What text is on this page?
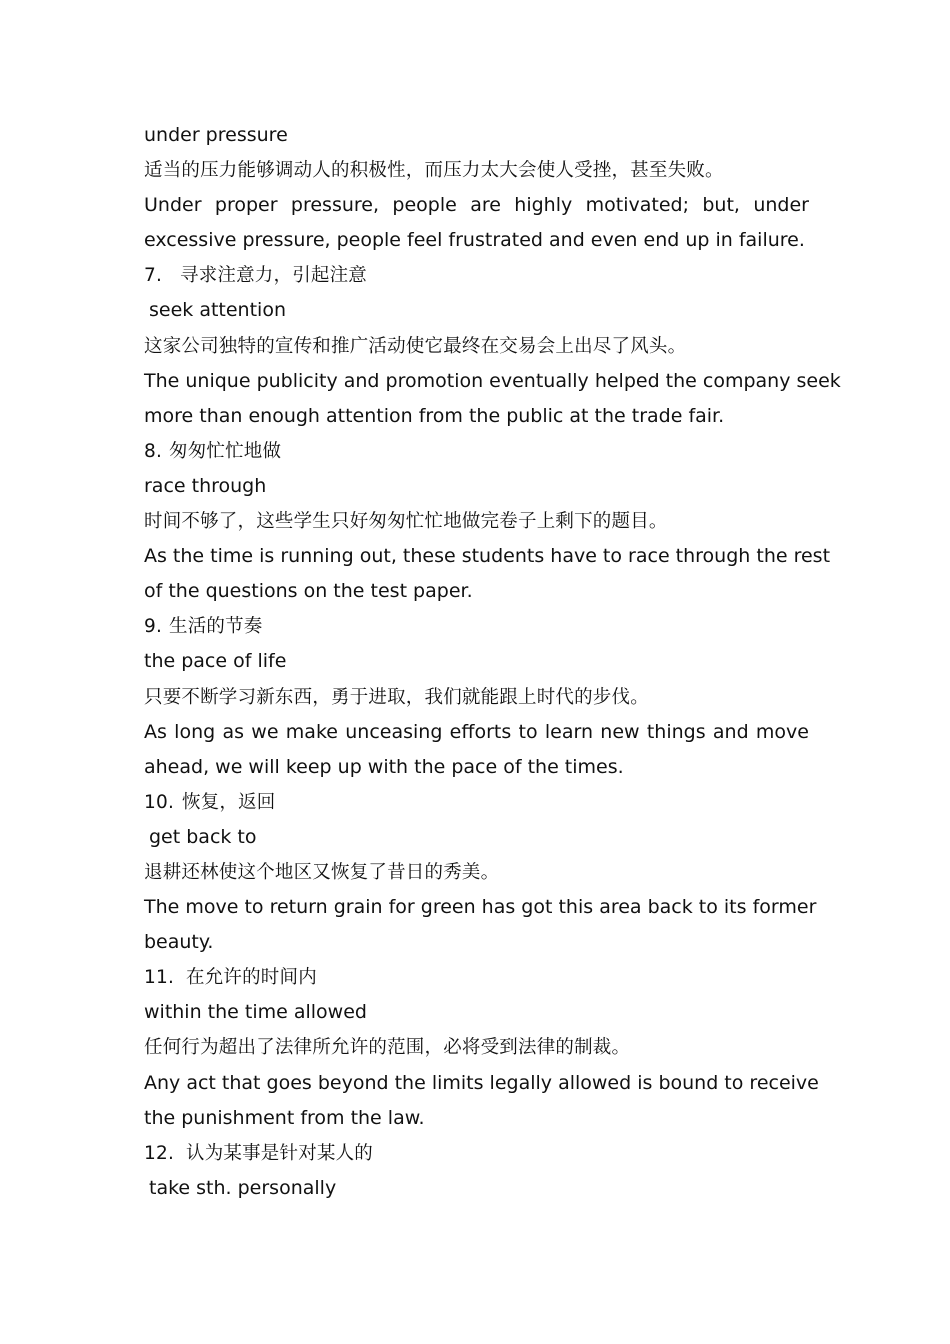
under pressure
适当的压力能够调动人的积极性，而压力太大会使人受挫，甚至失败。
Under proper pressure, people are highly motivated; but, under
excessive pressure, people feel frustrated and even end up in failure.
7. 寻求注意力，引起注意
seek attention
这家公司独特的宣传和推广活动使它最终在交易会上出尽了风头。
The unique publicity and promotion eventually helped the company seek
more than enough attention from the public at the trade fair.
8. 匆匆忙忙地做
race through
时间不够了，这些学生只好匆匆忙忙地做完卷子上剩下的题目。
As the time is running out, these students have to race through the rest
of the questions on the test paper.
9. 生活的节奏
the pace of life
只要不断学习新东西，勇于进取，我们就能跟上时代的步伐。
As long as we make unceasing efforts to learn new things and move
ahead, we will keep up with the pace of the times.
10. 恢复，返回
get back to
退耕还林使这个地区又恢复了昔日的秀美。
The move to return grain for green has got this area back to its former
beauty.
11. 在允许的时间内
within the time allowed
任何行为超出了法律所允许的范围，必将受到法律的制裁。
Any act that goes beyond the limits legally allowed is bound to receive
the punishment from the law.
12. 认为某事是针对某人的
take sth. personally
